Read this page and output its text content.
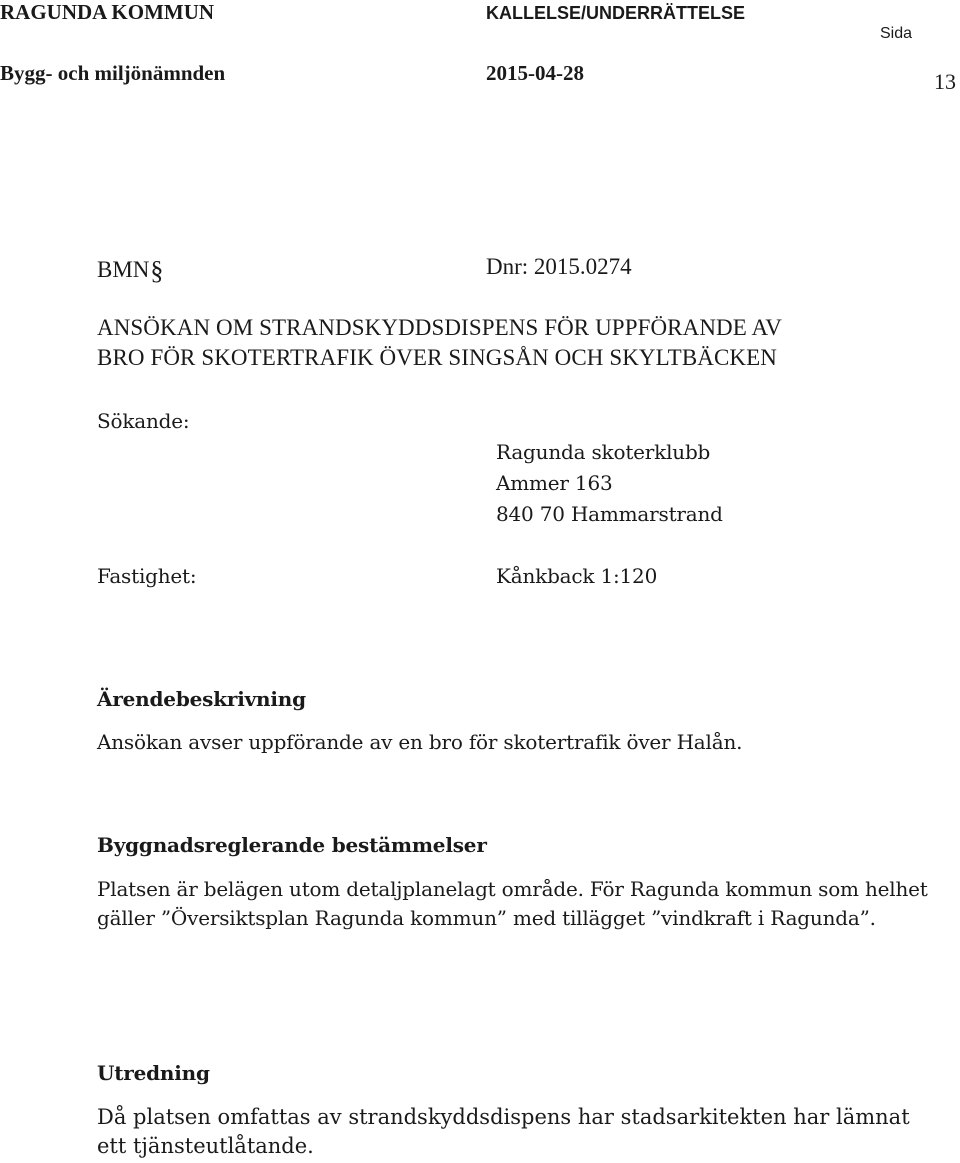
RAGUNDA KOMMUN	KALLELSE/UNDERRÄTTELSE
Sida
Bygg- och miljönämnden	2015-04-28	13
BMN§	Dnr: 2015.0274
ANSÖKAN OM STRANDSKYDDSDISPENS FÖR UPPFÖRANDE AV
BRO FÖR SKOTERTRAFIK ÖVER SINGSÅN OCH SKYLTBÄCKEN
Sökande:
Ragunda skoterklubb
Ammer 163
840 70 Hammarstrand
Fastighet:	Kånkback 1:120
Ärendebeskrivning
Ansökan avser uppförande av en bro för skotertrafik över Halån.
Byggnadsreglerande bestämmelser
Platsen är belägen utom detaljplanelagt område. För Ragunda kommun som helhet gäller ”Översiktsplan Ragunda kommun” med tillägget ”vindkraft i Ragunda”.
Utredning
Då platsen omfattas av strandskyddsdispens har stadsarkitekten har lämnat ett tjänsteutlåtande.
